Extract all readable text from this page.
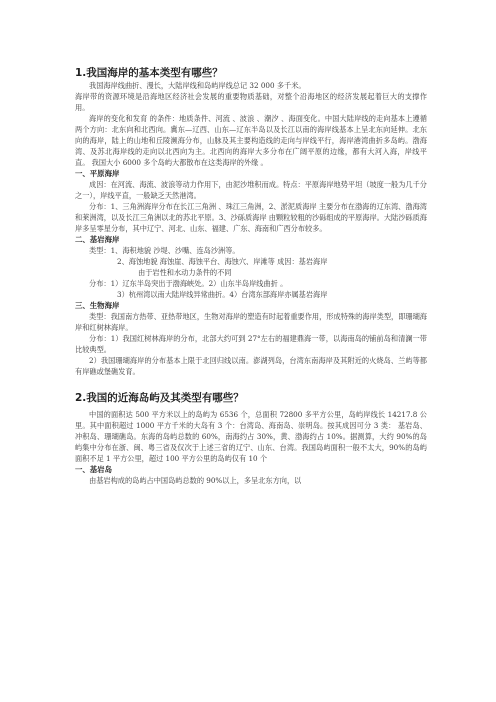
1.我国海岸的基本类型有哪些？

我国海岸线曲折、漫长，大陆岸线和岛屿岸线总记 32 000 多千米。

海岸带的资源环境是沿海地区经济社会发展的重要物质基础，对整个沿海地区的经济发展起着巨大的支撑作用。

海岸的变化和发育 的条件：地质条件、河流 、波浪 、潮汐 、海面变化。中国大陆岸线的走向基本上遵循两个方向：北东向和北西向。冀东—辽西、山东—辽东半岛以及长江以南的海岸线基本上呈北东向延伸。北东向的海岸，陆上的山地和丘陵濒海分布，山脉及其主要构造线的走向与岸线平行，海岸港湾曲折多岛屿。渤海湾、及苏北海岸线的走向以北西向为主。北西向的海岸大多分布在广阔平原的边缘，都有大河入海，岸线平直。 我国大小 6000 多个岛屿大都散布在这类海岸的外缘 。

一、平原海岸

成因：在河流、海流、波浪等动力作用下，由泥沙堆积而成。特点：平原海岸地势平坦（坡度一般为几千分之一），岸线平直，一般缺乏天然港湾。

分布：1、三角洲海岸分布在长江三角洲 、珠江三角洲，2、淤泥质海岸 主要分布在渤海的辽东湾、渤海湾和莱洲湾，以及长江三角洲以北的苏北平原。3、沙砾质海岸 由颗粒较粗的沙砾组成的平原海岸。大陆沙砾质海岸多呈零星分布，其中辽宁、河北、山东、福建、广东、海南和广西分布较多。

二、基岩海岸

类型：1、海积地貌 沙堤、沙嘴、连岛沙洲等。

2、海蚀地貌 海蚀崖、海蚀平台、海蚀穴、岸滩等 成因：基岩海岸

由于岩性和水动力条件的不同

分布：1）辽东半岛突出于渤海峡处。2）山东半岛岸线曲折 。

3）杭州湾以南大陆岸线异常曲折。4）台湾东部海岸亦属基岩海岸

三、生物海岸

类型：我国南方热带、亚热带地区，生物对海岸的塑造有时起着重要作用，形成特殊的海岸类型，即珊瑚海岸和红树林海岸。

分布：1）我国红树林海岸的分布，北部大约可到 27°左右的福建鼎海一带，以海南岛的铺前岛和清澜一带比较典型。

2）我国珊瑚海岸的分布基本上限于北回归线以南。澎湖列岛，台湾东南海岸及其附近的火烧岛、兰屿等都有岸礁或堡礁发育。

2.我国的近海岛屿及其类型有哪些？

中国的面积达 500 平方米以上的岛屿为 6536 个，总面积 72800 多平方公里，岛屿岸线长 14217.8 公里。其中面积超过 1000 平方千米的大岛有 3 个：台湾岛、海南岛、崇明岛。按其成因可分 3 类： 基岩岛、冲积岛、珊瑚礁岛。东海的岛屿总数的 60%，南海约占 30%，黄、渤海约占 10%。据测算，大约 90%的岛屿集中分布在浙、闽、粤三省及仅次于上述三省的辽宁、山东、台湾。我国岛屿面积一般不太大，90%的岛屿面积不足 1 平方公里，超过 100 平方公里的岛屿仅有 10 个

一、基岩岛

由基岩构成的岛屿占中国岛屿总数的 90%以上，多呈北东方向，以
